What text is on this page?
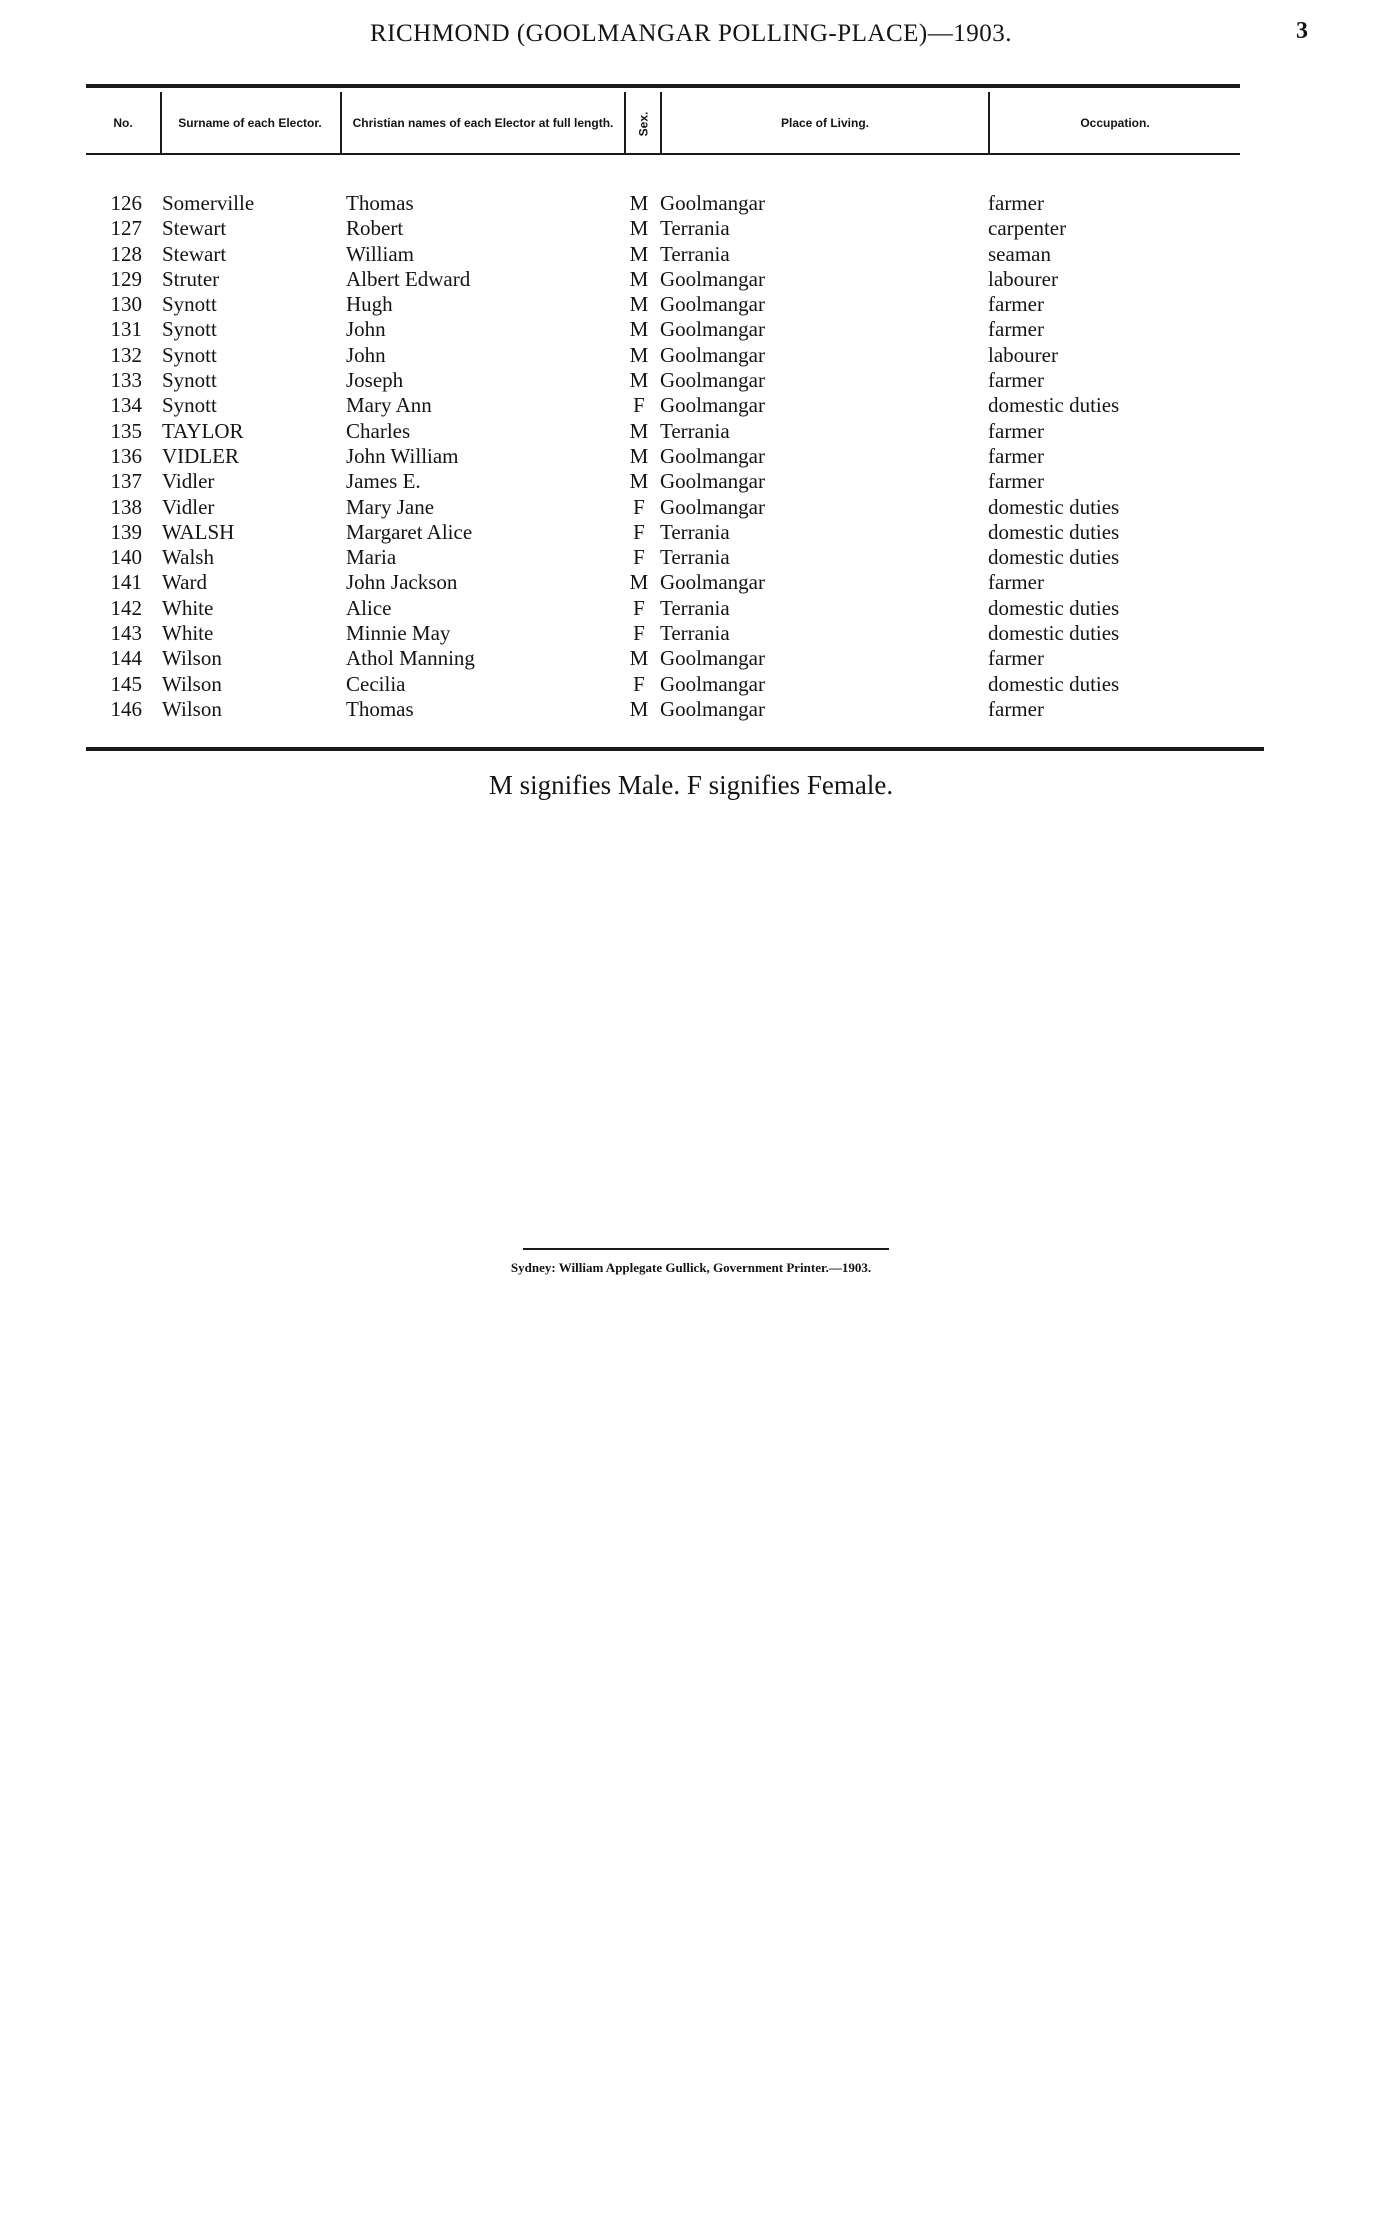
RICHMOND (GOOLMANGAR POLLING-PLACE)—1903.	3
No.	Surname of each Elector.	Christian names of each Elector at full length. Sex.	Place of Living.	Occupation.
126 Somerville	Thomas	M Goolmangar	farmer
127 Stewart	Robert	M Terrania	carpenter
128 Stewart	William	M Terrania	seaman
129 Struter	Albert Edward	M Goolmangar	labourer
130 Synott	Hugh	M Goolmangar	farmer
131 Synott	John	M Goolmangar	farmer
132 Synott	John	M Goolmangar	labourer
133 Synott	Joseph	M Goolmangar	farmer
134 Synott	Mary Ann	F Goolmangar	domestic duties
135 TAYLOR	Charles	M Terrania	farmer
136 VIDLER	John William	M Goolmangar	farmer
137 Vidler	James E.	M Goolmangar	farmer
138 Vidler	Mary Jane	F Goolmangar	domestic duties
139 WALSH	Margaret Alice	F Terrania	domestic duties
140 Walsh	Maria	F Terrania	domestic duties
141 Ward	John Jackson	M Goolmangar	farmer
142 White	Alice	F Terrania	domestic duties
143 White	Minnie May	F Terrania	domestic duties
144 Wilson	Athol Manning	M Goolmangar	farmer
145 Wilson	Cecilia	F Goolmangar	domestic duties
146 Wilson	Thomas	M Goolmangar	farmer
M signifies Male. F signifies Female.
Sydney: William Applegate Gullick, Government Printer.—1903.
